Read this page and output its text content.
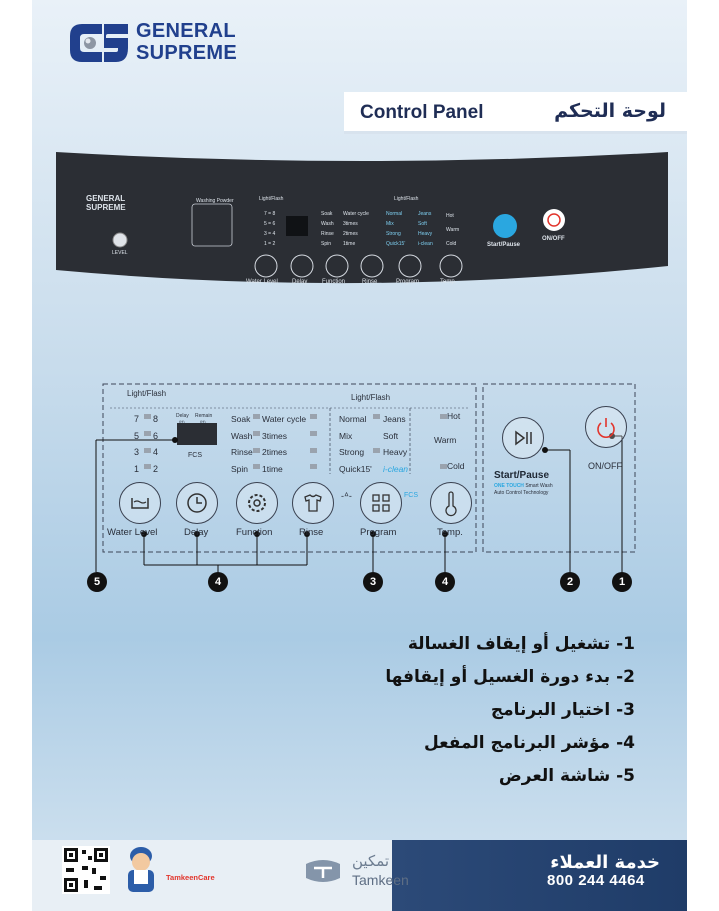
GENERAL
SUPREME
Control Panel	لوحة التحكم
GENERAL
SUPREME
LEVEL
Washing Powder	Light/Flash	Light/Flash
7 = 8
5 = 6
3 = 4
1 = 2
Soak
Wash
Rinse
Spin
Water cycle
3times
2times
1time
Normal
Mix
Strong
Quick15'
Jeans
Soft
Heavy
i-clean
Hot
Warm
Cold
Water Level Delay Function	Rinse	Program	Temp.
Start/Pause
ON/OFF
Light/Flash	Light/Flash
7
5
3
1
8
6
4
2
Delay Remain
(H)	(H)
FCS
Soak
Wash
Rinse
Spin
Water cycle
3times
2times
1time
Normal
Mix
Strong
Quick15'
Jeans
Soft
Heavy
i-clean
Hot
Warm
Cold
FCS
-ᐞ-
Water Level	Delay	Function	Rinse	Program	Temp.
Start/Pause
ONE TOUCH Smart Wash
Auto Control Technology
ON/OFF
5	4	3	4	2	1
1- تشغيل أو إيقاف الغسالة
2- بدء دورة الغسيل أو إيقافها
3- اختيار البرنامج
4- مؤشر البرنامج المفعل
5- شاشة العرض
TamkeenCare
تمكين
Tamkeen
خدمة العملاء
800 244 4464
